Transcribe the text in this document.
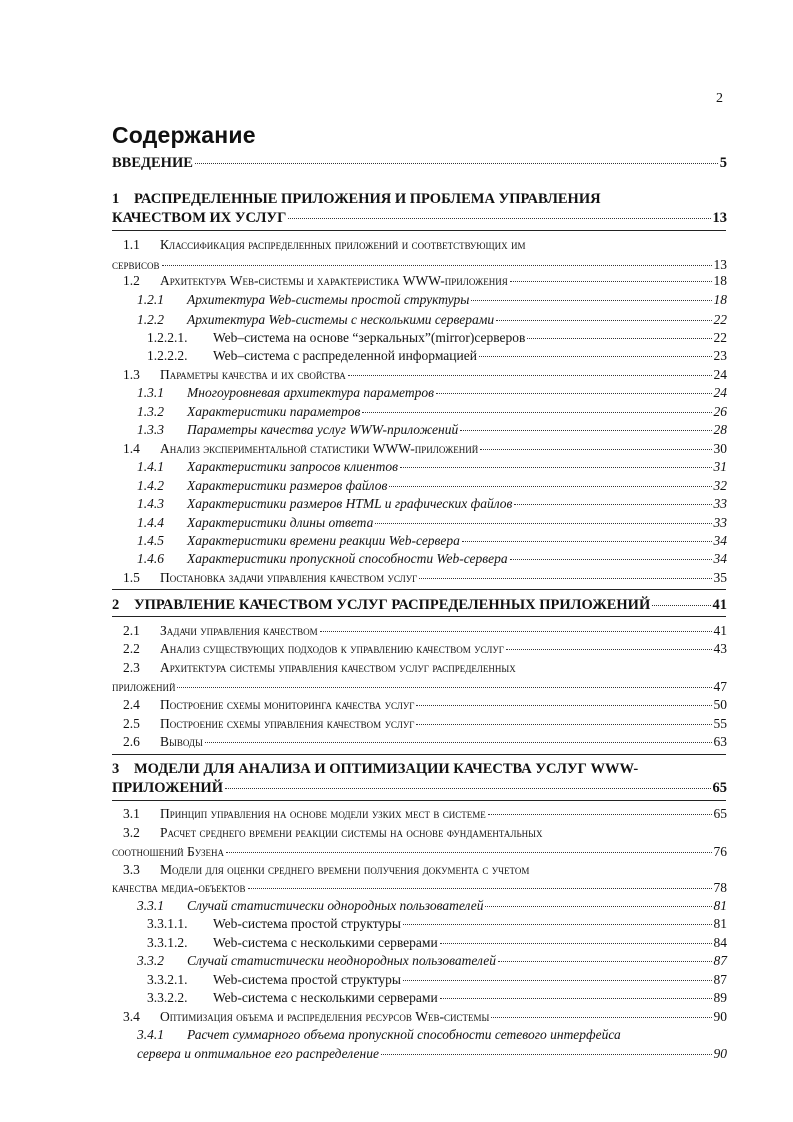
2
Содержание
ВВЕДЕНИЕ	5
1	РАСПРЕДЕЛЕННЫЕ ПРИЛОЖЕНИЯ И ПРОБЛЕМА УПРАВЛЕНИЯ
КАЧЕСТВОМ ИХ УСЛУГ	13
1.1	Классификация распределенных приложений и соответствующих им
сервисов	13
1.2	Архитектура Web-системы и характеристика WWW-приложения	18
1.2.1	Архитектура Web-системы простой структуры	18
1.2.2	Архитектура Web-системы с несколькими серверами	22
1.2.2.1.	Web–система на основе “зеркальных”(mirror)серверов	22
1.2.2.2.	Web–система с распределенной информацией	23
1.3	Параметры качества и их свойства	24
1.3.1	Многоуровневая архитектура параметров	24
1.3.2	Характеристики параметров	26
1.3.3	Параметры качества услуг WWW-приложений	28
1.4	Анализ экспериментальной статистики WWW-приложений	30
1.4.1	Характеристики запросов клиентов	31
1.4.2	Характеристики размеров файлов	32
1.4.3	Характеристики размеров HTML и графических файлов	33
1.4.4	Характеристики длины ответа	33
1.4.5	Характеристики времени реакции Web-сервера	34
1.4.6	Характеристики пропускной способности Web-сервера	34
1.5	Постановка задачи управления качеством услуг	35
2	УПРАВЛЕНИЕ КАЧЕСТВОМ УСЛУГ РАСПРЕДЕЛЕННЫХ ПРИЛОЖЕНИЙ	41
2.1	Задачи управления качеством	41
2.2	Анализ существующих подходов к управлению качеством услуг	43
2.3	Архитектура системы управления качеством услуг распределенных
приложений	47
2.4	Построение схемы мониторинга качества услуг	50
2.5	Построение схемы управления качеством услуг	55
2.6	Выводы	63
3	МОДЕЛИ ДЛЯ АНАЛИЗА И ОПТИМИЗАЦИИ КАЧЕСТВА УСЛУГ WWW-
ПРИЛОЖЕНИЙ	65
3.1	Принцип управления на основе модели узких мест в системе	65
3.2	Расчет среднего времени реакции системы на основе фундаментальных
соотношений Бузена	76
3.3	Модели для оценки среднего времени получения документа с учетом
качества медиа-объектов	78
3.3.1	Случай статистически однородных пользователей	81
3.3.1.1.	Web-система простой структуры	81
3.3.1.2.	Web-система с несколькими серверами	84
3.3.2	Случай статистически неоднородных пользователей	87
3.3.2.1.	Web-система простой структуры	87
3.3.2.2.	Web-система с несколькими серверами	89
3.4	Оптимизация объема и распределения ресурсов Web-системы	90
3.4.1	Расчет суммарного объема пропускной способности сетевого интерфейса
сервера и оптимальное его распределение	90
